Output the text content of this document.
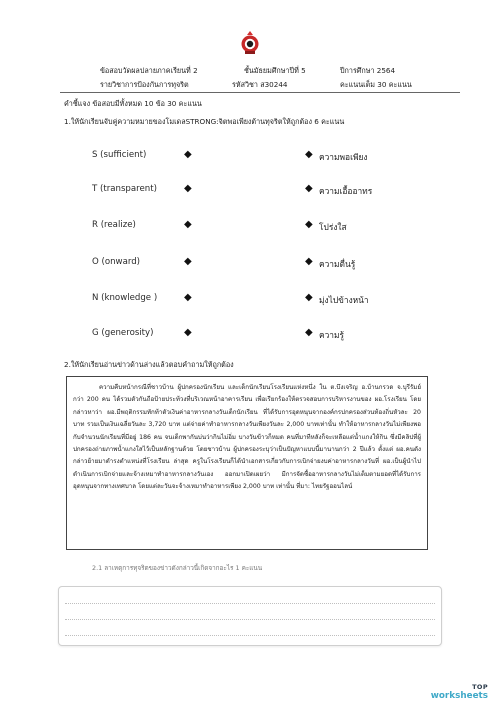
ข้อสอบวัดผลปลายภาคเรียนที่ 2	ชั้นมัธยมศึกษาปีที่ 5	ปีการศึกษา 2564
รายวิชาการป้องกันการทุจริต	รหัสวิชา ส30244	คะแนนเต็ม 30 คะแนน
คำชี้แจง ข้อสอบมีทั้งหมด 10 ข้อ 30 คะแนน
1.ให้นักเรียนจับคู่ความหมายของโมเดลSTRONG:จิตพอเพียงต้านทุจริตให้ถูกต้อง 6 คะแนน
S (sufficient)	◆	◆ ความพอเพียง
T (transparent)	◆	◆ ความเอื้ออาทร
R (realize)	◆	◆ โปร่งใส
O (onward)	◆	◆ ความตื่นรู้
N (knowledge )	◆	◆ มุ่งไปข้างหน้า
G (generosity)	◆	◆ ความรู้
2.ให้นักเรียนอ่านข่าวด้านล่างแล้วตอบคำถามให้ถูกต้อง

ความคืบหน้ากรณีที่ชาวบ้าน ผู้ปกครองนักเรียน และเด็กนักเรียนโรงเรียนแห่งหนึ่ง ใน ต.บึงเจริญ อ.บ้านกรวด จ.บุรีรัมย์ กว่า 200 คน ได้รวมตัวกันถือป้ายประท้วงที่บริเวณหน้าอาคารเรียน เพื่อเรียกร้องให้ตรวจสอบการบริหารงานของ ผอ.โรงเรียน โดยกล่าวหาว่า ผอ.มีพฤติกรรมทักท้าตัวเงินค่าอาหารกลางวันเด็กนักเรียน ที่ได้รับการอุดหนุนจากองค์กรปกครองส่วนท้องถิ่นหัวละ 20 บาท รวมเป็นเงินเฉลี่ยวันละ 3,720 บาท แต่จ่ายค่าทำอาหารกลางวันเพียงวันละ 2,000 บาทเท่านั้น ทำให้อาหารกลางวันไม่เพียงพอกับจำนวนนักเรียนที่มีอยู่ 186 คน จนเด็กพากันบ่นว่ากินไม่อิ่ม บางวันข้าวก็หมด คนที่มาทีหลังก็จะเหลือแต่น้ำแกงให้กิน ซึ่งมีคลิปที่ผู้ปกครองถ่ายภาพน้ำแกงใสไว้เป็นหลักฐานด้วย โดยชาวบ้าน ผู้ปกครองระบุว่าเป็นปัญหาแบบนี้มานานกว่า 2 ปีแล้ว ตั้งแต่ ผอ.คนดังกล่าวย้ายมาดำรงตำแหน่งที่โรงเรียน ล่าสุด ครูในโรงเรียนก็ได้นำเอกสารเกี่ยวกับการเบิกจ่ายงบค่าอาหารกลางวันที่ ผอ.เป็นผู้นำไปดำเนินการเบิกจ่ายและจ้างเหมาทำอาหารกลางวันเอง ออกมาเปิดเผยว่า มีการจัดซื้ออาหารกลางวันไม่เต็มตามยอดที่ได้รับการอุดหนุนจากทางเทศบาล โดยแต่ละวันจะจ้างเหมาทำอาหารเพียง 2,000 บาท เท่านั้น ที่มา: ไทยรัฐออนไลน์

2.1 ลาเหตุการทุจริตของข่าวดังกล่าวนี้เกิดจากอะไร 1 คะแนน
TOP
worksheets
